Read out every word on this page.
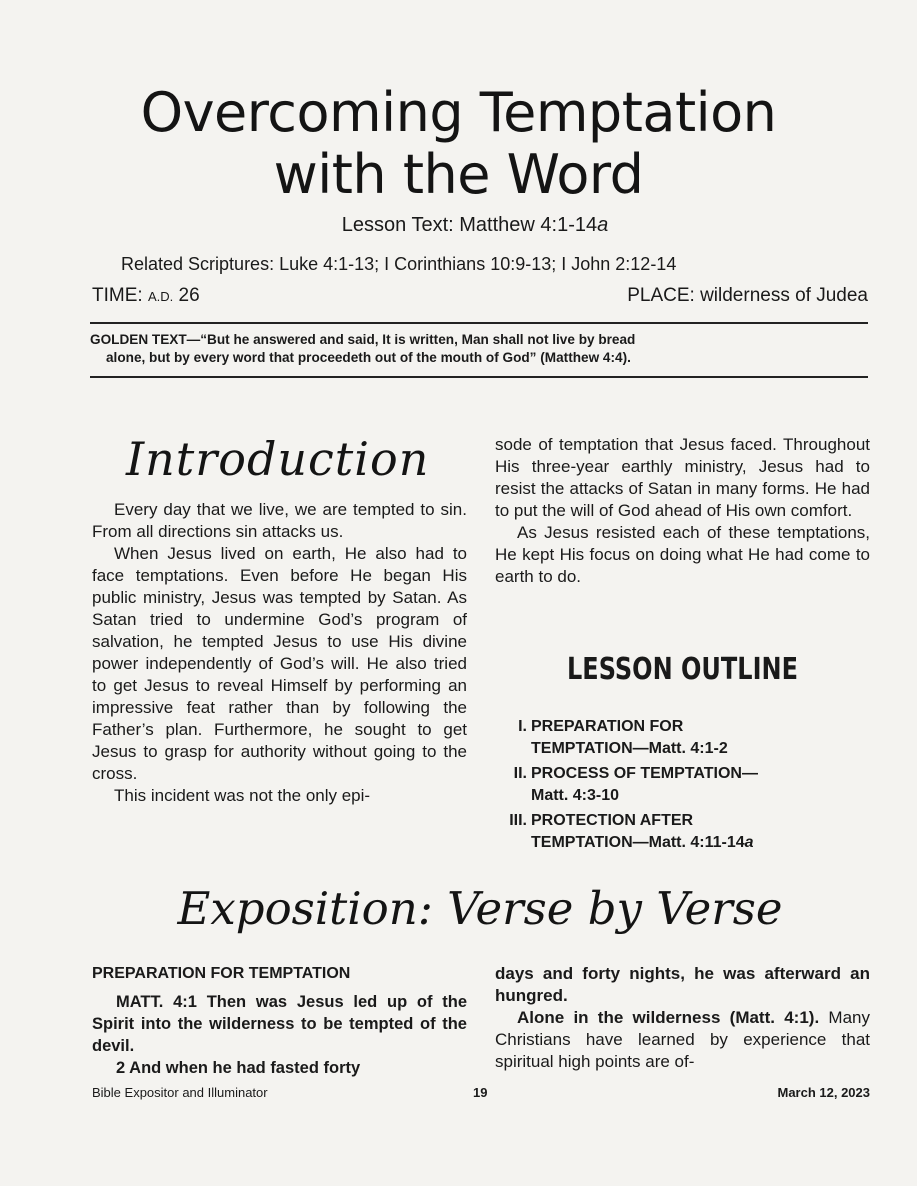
Overcoming Temptation
with the Word
Lesson Text: Matthew 4:1-14a
Related Scriptures: Luke 4:1-13; I Corinthians 10:9-13; I John 2:12-14
TIME: A.D. 26	PLACE: wilderness of Judea
GOLDEN TEXT—“But he answered and said, It is written, Man shall not live by bread
alone, but by every word that proceedeth out of the mouth of God” (Matthew 4:4).
Introduction

Every day that we live, we are tempted to sin. From all directions sin attacks us.

When Jesus lived on earth, He also had to face temptations. Even before He began His public ministry, Jesus was tempted by Satan. As Satan tried to undermine God’s program of salvation, he tempted Jesus to use His divine power independently of God’s will. He also tried to get Jesus to reveal Himself by performing an impressive feat rather than by following the Father’s plan. Furthermore, he sought to get Jesus to grasp for authority without going to the cross.

This incident was not the only epi-

sode of temptation that Jesus faced. Throughout His three-year earthly ministry, Jesus had to resist the attacks of Satan in many forms. He had to put the will of God ahead of His own comfort.

As Jesus resisted each of these temptations, He kept His focus on doing what He had come to earth to do.

LESSON OUTLINE
I. PREPARATION FOR
TEMPTATION—Matt. 4:1-2
II. PROCESS OF TEMPTATION—
Matt. 4:3-10
III. PROTECTION AFTER
TEMPTATION—Matt. 4:11-14a
Exposition: Verse by Verse
PREPARATION FOR TEMPTATION

MATT. 4:1 Then was Jesus led up of the Spirit into the wilderness to be tempted of the devil.

2 And when he had fasted forty

days and forty nights, he was afterward an hungred.

Alone in the wilderness (Matt. 4:1). Many Christians have learned by experience that spiritual high points are of-

Bible Expositor and Illuminator	19	March 12, 2023
